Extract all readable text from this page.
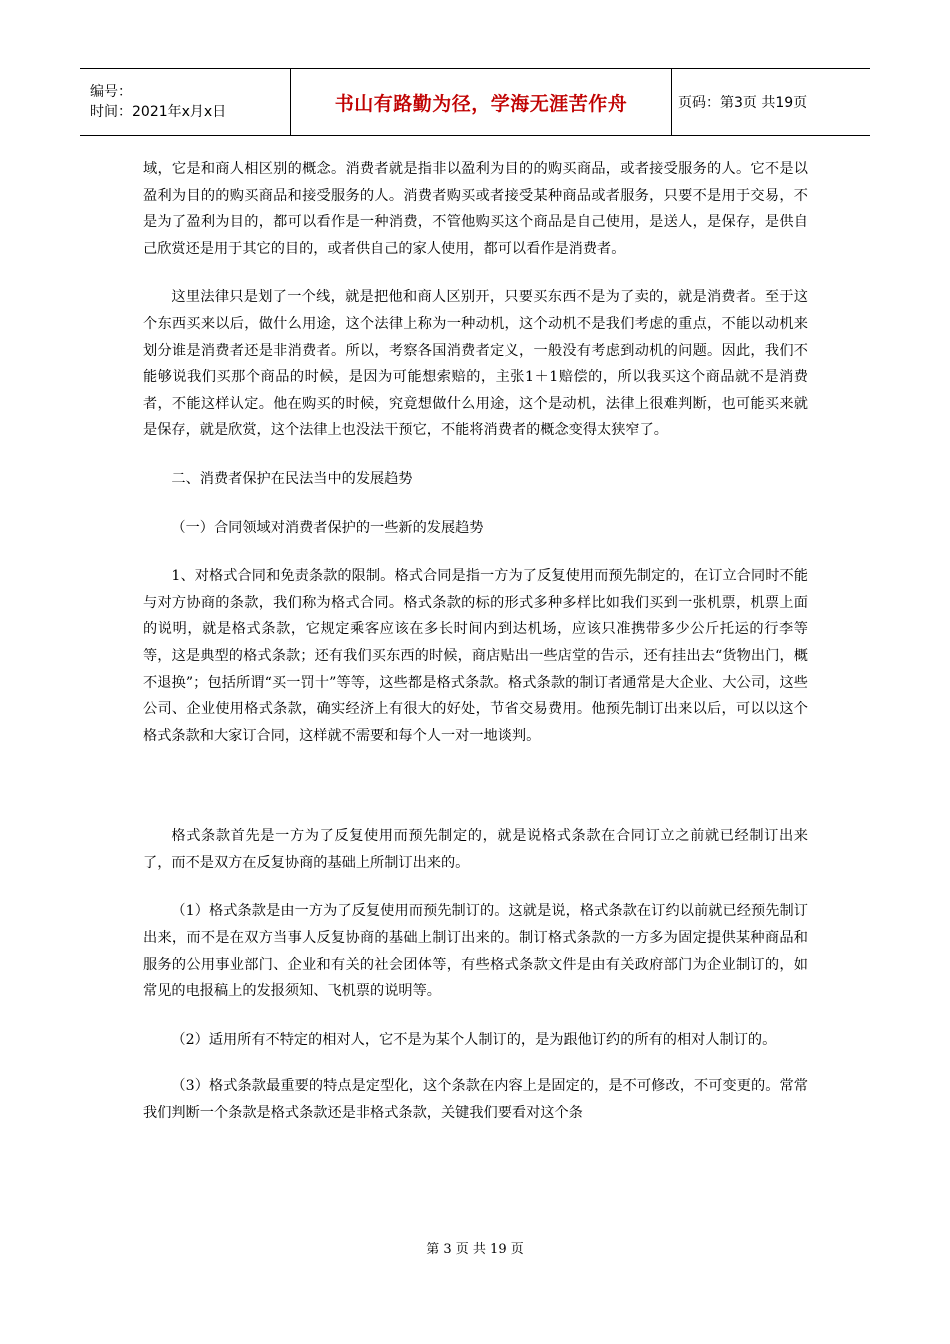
编号：
时间：2021年x月x日	书山有路勤为径，学海无涯苦作舟	页码：第3页 共19页

域，它是和商人相区别的概念。消费者就是指非以盈利为目的的购买商品，或者接受服务的人。它不是以盈利为目的的购买商品和接受服务的人。消费者购买或者接受某种商品或者服务，只要不是用于交易，不是为了盈利为目的，都可以看作是一种消费，不管他购买这个商品是自己使用，是送人，是保存，是供自己欣赏还是用于其它的目的，或者供自己的家人使用，都可以看作是消费者。

这里法律只是划了一个线，就是把他和商人区别开，只要买东西不是为了卖的，就是消费者。至于这个东西买来以后，做什么用途，这个法律上称为一种动机，这个动机不是我们考虑的重点，不能以动机来划分谁是消费者还是非消费者。所以，考察各国消费者定义，一般没有考虑到动机的问题。因此，我们不能够说我们买那个商品的时候，是因为可能想索赔的，主张1＋1赔偿的，所以我买这个商品就不是消费者，不能这样认定。他在购买的时候，究竟想做什么用途，这个是动机，法律上很难判断，也可能买来就是保存，就是欣赏，这个法律上也没法干预它，不能将消费者的概念变得太狭窄了。

二、消费者保护在民法当中的发展趋势

（一）合同领域对消费者保护的一些新的发展趋势

1、对格式合同和免责条款的限制。格式合同是指一方为了反复使用而预先制定的，在订立合同时不能与对方协商的条款，我们称为格式合同。格式条款的标的形式多种多样比如我们买到一张机票，机票上面的说明，就是格式条款，它规定乘客应该在多长时间内到达机场，应该只准携带多少公斤托运的行李等等，这是典型的格式条款；还有我们买东西的时候，商店贴出一些店堂的告示，还有挂出去“货物出门，概不退换”；包括所谓“买一罚十”等等，这些都是格式条款。格式条款的制订者通常是大企业、大公司，这些公司、企业使用格式条款，确实经济上有很大的好处，节省交易费用。他预先制订出来以后，可以以这个格式条款和大家订合同，这样就不需要和每个人一对一地谈判。

格式条款首先是一方为了反复使用而预先制定的，就是说格式条款在合同订立之前就已经制订出来了，而不是双方在反复协商的基础上所制订出来的。

（1）格式条款是由一方为了反复使用而预先制订的。这就是说，格式条款在订约以前就已经预先制订出来，而不是在双方当事人反复协商的基础上制订出来的。制订格式条款的一方多为固定提供某种商品和服务的公用事业部门、企业和有关的社会团体等，有些格式条款文件是由有关政府部门为企业制订的，如常见的电报稿上的发报须知、飞机票的说明等。

（2）适用所有不特定的相对人，它不是为某个人制订的，是为跟他订约的所有的相对人制订的。

（3）格式条款最重要的特点是定型化，这个条款在内容上是固定的，是不可修改，不可变更的。常常我们判断一个条款是格式条款还是非格式条款，关键我们要看对这个条

第 3 页 共 19 页
